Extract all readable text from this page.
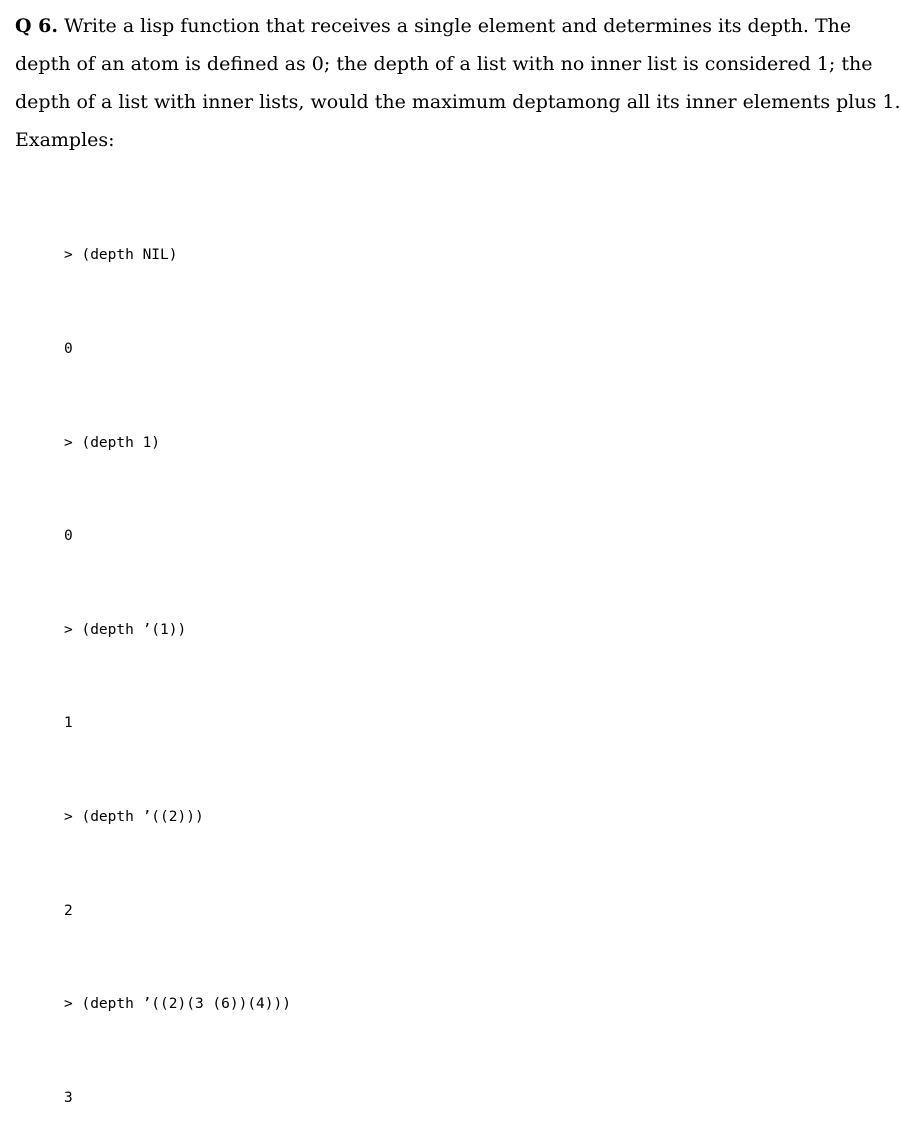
Q 6. Write a lisp function that receives a single element and determines its depth. The
depth of an atom is defined as 0; the depth of a list with no inner list is considered 1; the
depth of a list with inner lists, would the maximum deptamong all its inner elements plus 1.
Examples:

> (depth NIL)

0

> (depth 1)

0

> (depth ’(1))

1

> (depth ’((2)))

2

> (depth ’((2)(3 (6))(4)))

3
